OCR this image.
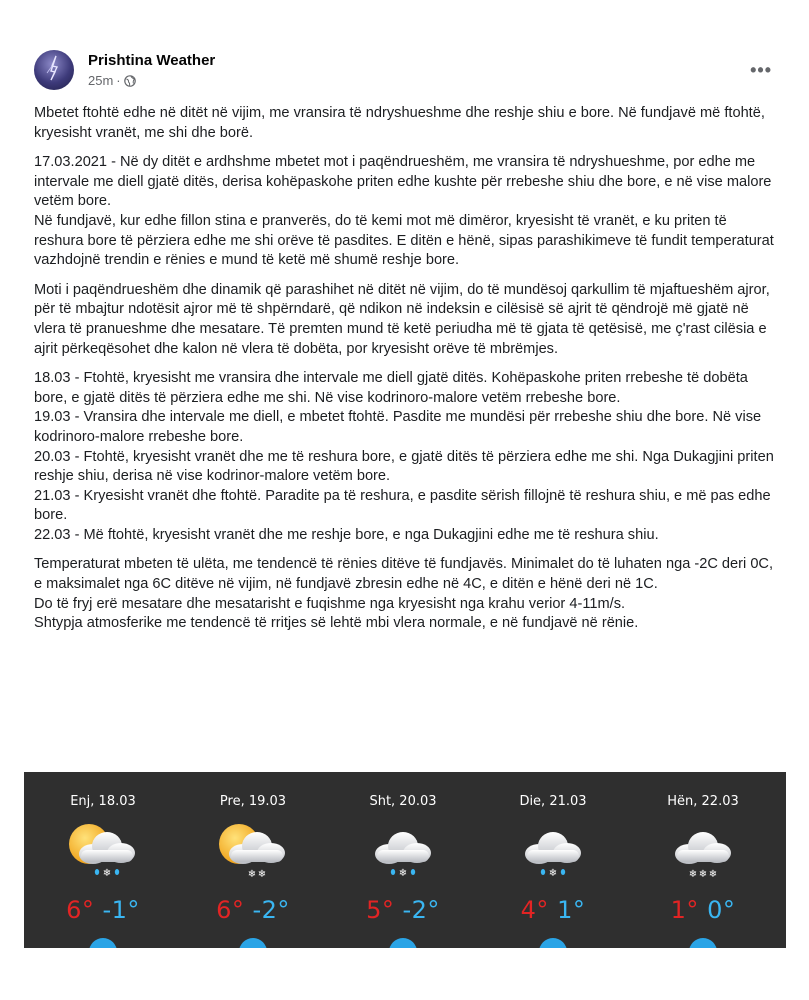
Prishtina Weather
25m ·
•••

Mbetet ftohtë edhe në ditët në vijim, me vransira të ndryshueshme dhe reshje shiu e bore. Në fundjavë më ftohtë, kryesisht vranët, me shi dhe borë.

17.03.2021 - Në dy ditët e ardhshme mbetet mot i paqëndrueshëm, me vransira të ndryshueshme, por edhe me intervale me diell gjatë ditës, derisa kohëpaskohe priten edhe kushte për rrebeshe shiu dhe bore, e në vise malore vetëm bore.
Në fundjavë, kur edhe fillon stina e pranverës, do të kemi mot më dimëror, kryesisht të vranët, e ku priten të reshura bore të përziera edhe me shi orëve të pasdites. E ditën e hënë, sipas parashikimeve të fundit temperaturat vazhdojnë trendin e rënies e mund të ketë më shumë reshje bore.

Moti i paqëndrueshëm dhe dinamik që parashihet në ditët në vijim, do të mundësoj qarkullim të mjaftueshëm ajror, për të mbajtur ndotësit ajror më të shpërndarë, që ndikon në indeksin e cilësisë së ajrit të qëndrojë më gjatë në vlera të pranueshme dhe mesatare. Të premten mund të ketë periudha më të gjata të qetësisë, me ç'rast cilësia e ajrit përkeqësohet dhe kalon në vlera të dobëta, por kryesisht orëve të mbrëmjes.

18.03 - Ftohtë, kryesisht me vransira dhe intervale me diell gjatë ditës. Kohëpaskohe priten rrebeshe të dobëta bore, e gjatë ditës të përziera edhe me shi. Në vise kodrinoro-malore vetëm rrebeshe bore.
19.03 - Vransira dhe intervale me diell, e mbetet ftohtë. Pasdite me mundësi për rrebeshe shiu dhe bore. Në vise kodrinoro-malore rrebeshe bore.
20.03 - Ftohtë, kryesisht vranët dhe me të reshura bore, e gjatë ditës të përziera edhe me shi. Nga Dukagjini priten reshje shiu, derisa në vise kodrinor-malore vetëm bore.
21.03 - Kryesisht vranët dhe ftohtë. Paradite pa të reshura, e pasdite sërish fillojnë të reshura shiu, e më pas edhe bore.
22.03 - Më ftohtë, kryesisht vranët dhe me reshje bore, e nga Dukagjini edhe me të reshura shiu.

Temperaturat mbeten të ulëta, me tendencë të rënies ditëve të fundjavës. Minimalet do të luhaten nga -2C deri 0C, e maksimalet nga 6C ditëve në vijim, në fundjavë zbresin edhe në 4C, e ditën e hënë deri në 1C.
Do të fryj erë mesatare dhe mesatarisht e fuqishme nga kryesisht nga krahu verior 4-11m/s.
Shtypja atmosferike me tendencë të rritjes së lehtë mbi vlera normale, e në fundjavë në rënie.

Enj, 18.03
❄
6° -1°
Pre, 19.03
❄ ❄
6° -2°
Sht, 20.03
❄
5° -2°
Die, 21.03
❄
4° 1°
Hën, 22.03
❄ ❄ ❄
1° 0°
